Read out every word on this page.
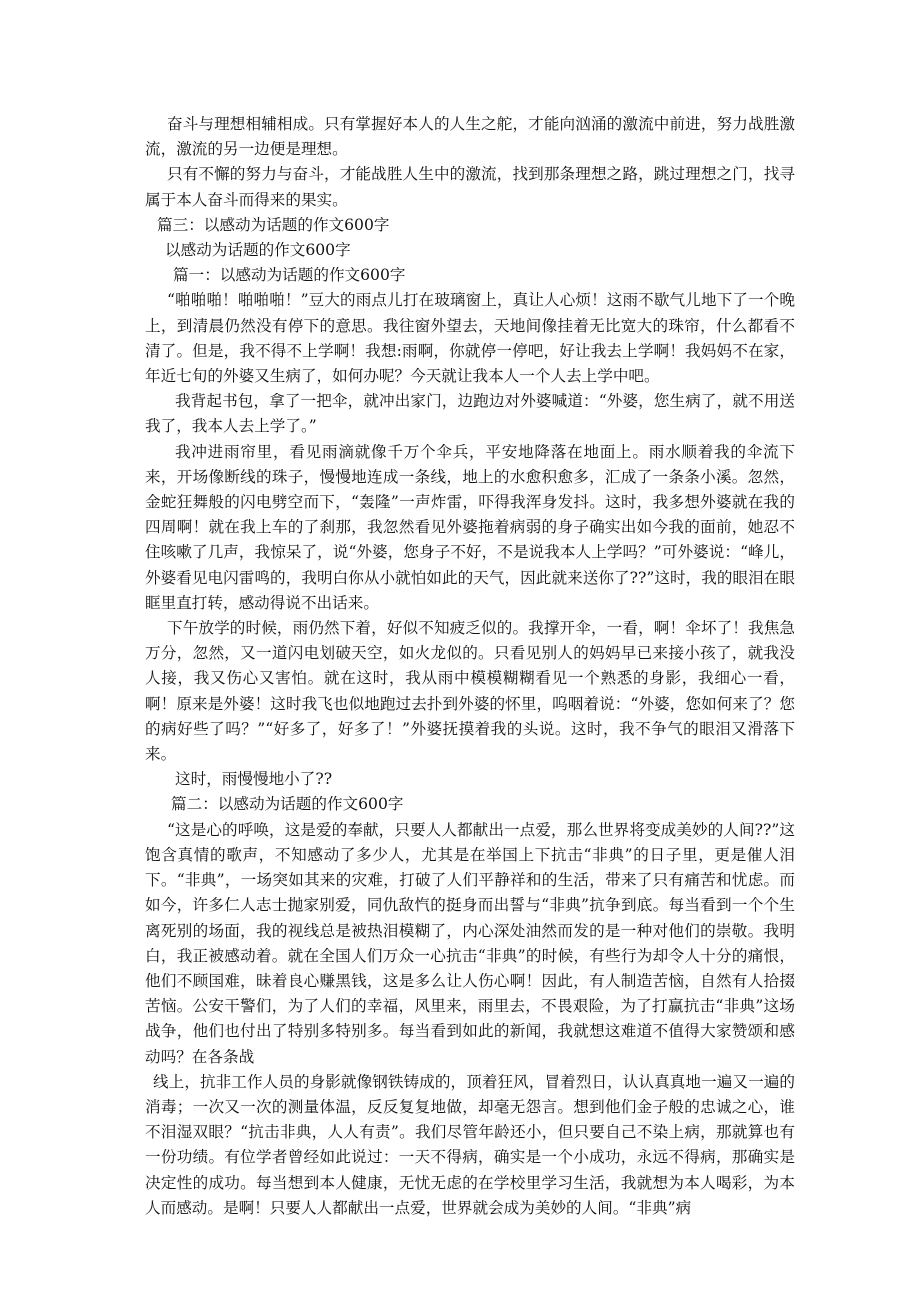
奋斗与理想相辅相成。只有掌握好本人的人生之舵，才能向汹涌的激流中前进，努力战胜激流，激流的另一边便是理想。

只有不懈的努力与奋斗，才能战胜人生中的激流，找到那条理想之路，跳过理想之门，找寻属于本人奋斗而得来的果实。

篇三：以感动为话题的作文600字

以感动为话题的作文600字

篇一：以感动为话题的作文600字

“啪啪啪！啪啪啪！”豆大的雨点儿打在玻璃窗上，真让人心烦！这雨不歇气儿地下了一个晚上，到清晨仍然没有停下的意思。我往窗外望去，天地间像挂着无比宽大的珠帘，什么都看不清了。但是，我不得不上学啊！我想:雨啊，你就停一停吧，好让我去上学啊！我妈妈不在家，年近七旬的外婆又生病了，如何办呢？今天就让我本人一个人去上学中吧。

我背起书包，拿了一把伞，就冲出家门，边跑边对外婆喊道：“外婆，您生病了，就不用送我了，我本人去上学了。”

我冲进雨帘里，看见雨滴就像千万个伞兵，平安地降落在地面上。雨水顺着我的伞流下来，开场像断线的珠子，慢慢地连成一条线，地上的水愈积愈多，汇成了一条条小溪。忽然，金蛇狂舞般的闪电劈空而下，“轰隆”一声炸雷，吓得我浑身发抖。这时，我多想外婆就在我的四周啊！就在我上车的了刹那，我忽然看见外婆拖着病弱的身子确实出如今我的面前，她忍不住咳嗽了几声，我惊呆了，说“外婆，您身子不好，不是说我本人上学吗？”可外婆说：“峰儿，外婆看见电闪雷鸣的，我明白你从小就怕如此的天气，因此就来送你了??”这时，我的眼泪在眼眶里直打转，感动得说不出话来。

下午放学的时候，雨仍然下着，好似不知疲乏似的。我撑开伞，一看，啊！伞坏了！我焦急万分，忽然，又一道闪电划破天空，如火龙似的。只看见别人的妈妈早已来接小孩了，就我没人接，我又伤心又害怕。就在这时，我从雨中模模糊糊看见一个熟悉的身影，我细心一看，啊！原来是外婆！这时我飞也似地跑过去扑到外婆的怀里，呜咽着说：“外婆，您如何来了？您的病好些了吗？”“好多了，好多了！”外婆抚摸着我的头说。这时，我不争气的眼泪又滑落下来。

这时，雨慢慢地小了??

篇二：以感动为话题的作文600字

“这是心的呼唤，这是爱的奉献，只要人人都献出一点爱，那么世界将变成美妙的人间??”这饱含真情的歌声，不知感动了多少人，尤其是在举国上下抗击“非典”的日子里，更是催人泪下。“非典”，一场突如其来的灾难，打破了人们平静祥和的生活，带来了只有痛苦和忧虑。而如今，许多仁人志士抛家别爱，同仇敌忾的挺身而出誓与“非典”抗争到底。每当看到一个个生离死别的场面，我的视线总是被热泪模糊了，内心深处油然而发的是一种对他们的崇敬。我明白，我正被感动着。就在全国人们万众一心抗击“非典”的时候，有些行为却令人十分的痛恨，他们不顾国难，昧着良心赚黑钱，这是多么让人伤心啊！因此，有人制造苦恼，自然有人拾掇苦恼。公安干警们，为了人们的幸福，风里来，雨里去，不畏艰险，为了打赢抗击“非典”这场战争，他们也付出了特别多特别多。每当看到如此的新闻，我就想这难道不值得大家赞颂和感动吗？在各条战

线上，抗非工作人员的身影就像钢铁铸成的，顶着狂风，冒着烈日，认认真真地一遍又一遍的消毒；一次又一次的测量体温，反反复复地做，却毫无怨言。想到他们金子般的忠诚之心，谁不泪湿双眼？“抗击非典，人人有责”。我们尽管年龄还小，但只要自己不染上病，那就算也有一份功绩。有位学者曾经如此说过：一天不得病，确实是一个小成功，永远不得病，那确实是决定性的成功。每当想到本人健康，无忧无虑的在学校里学习生活，我就想为本人喝彩，为本人而感动。是啊！只要人人都献出一点爱，世界就会成为美妙的人间。“非典”病
